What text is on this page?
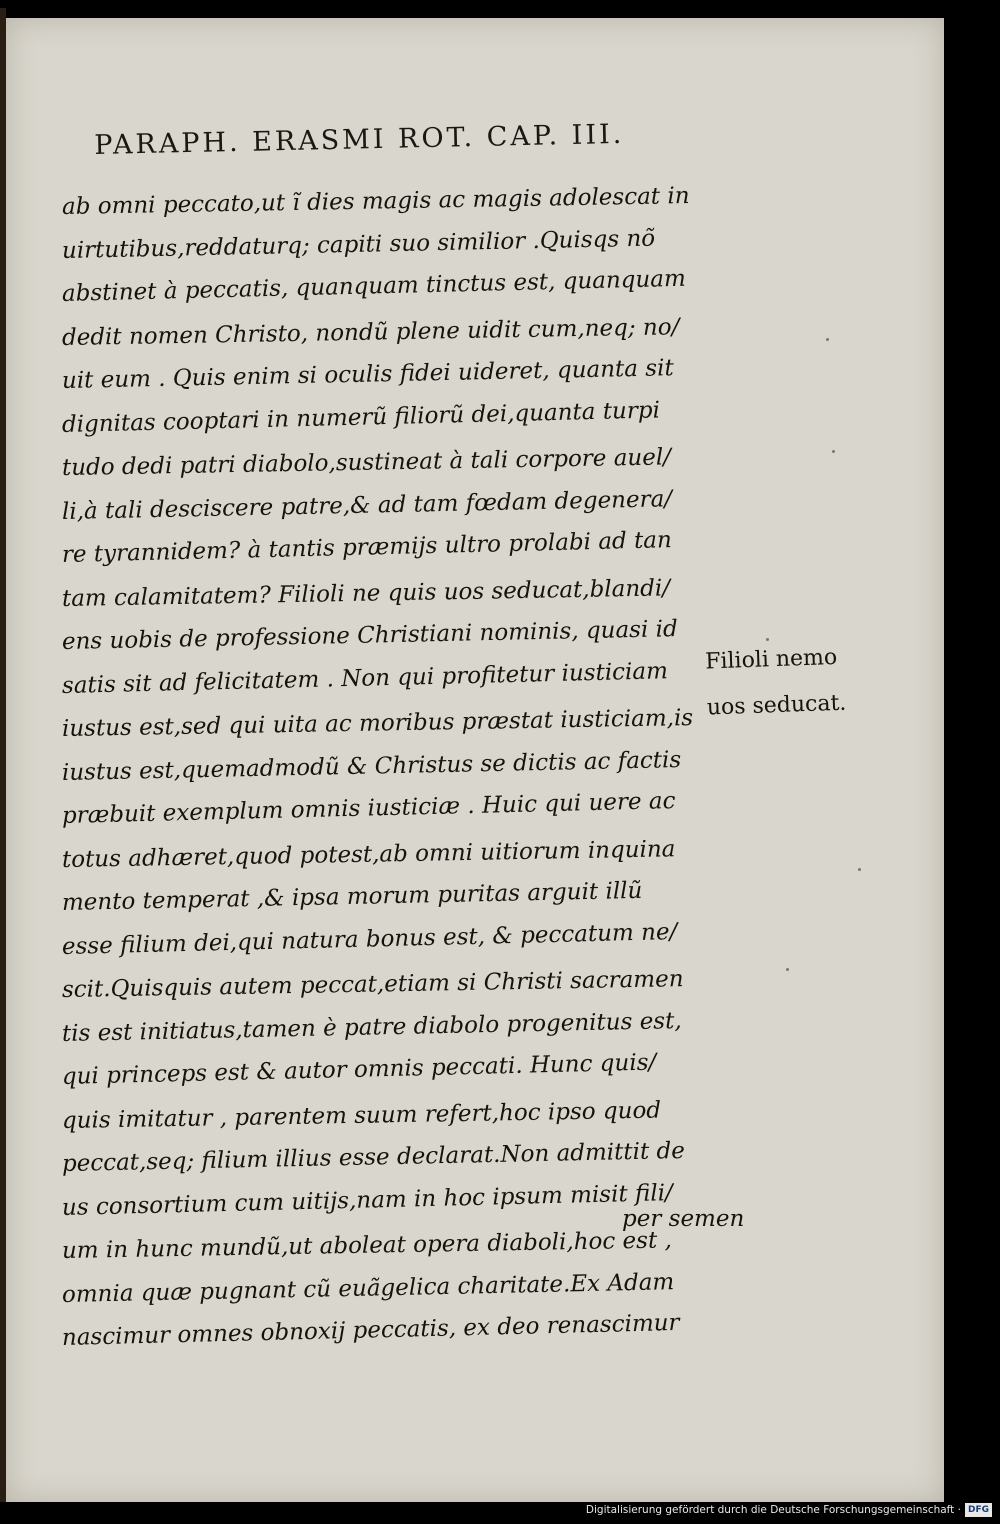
PARAPH. ERASMI ROT. CAP. III.
ab omni peccato,ut ĩ dies magis ac magis adolescat in
uirtutibus,reddaturq; capiti suo similior .Quisqs nõ
abstinet à peccatis, quanquam tinctus est, quanquam
dedit nomen Christo, nondũ plene uidit cum,neq; no/
uit eum . Quis enim si oculis fidei uideret, quanta sit
dignitas cooptari in numerũ filiorũ dei,quanta turpi
tudo dedi patri diabolo,sustineat à tali corpore auel/
li,à tali desciscere patre,& ad tam fœdam degenera/
re tyrannidem? à tantis præmijs ultro prolabi ad tan
tam calamitatem? Filioli ne quis uos seducat,blandi/
ens uobis de professione Christiani nominis, quasi id
satis sit ad felicitatem . Non qui profitetur iusticiam
iustus est,sed qui uita ac moribus præstat iusticiam,is
iustus est,quemadmodũ & Christus se dictis ac factis
præbuit exemplum omnis iusticiæ . Huic qui uere ac
totus adhæret,quod potest,ab omni uitiorum inquina
mento temperat ,& ipsa morum puritas arguit illũ
esse filium dei,qui natura bonus est, & peccatum ne/
scit.Quisquis autem peccat,etiam si Christi sacramen
tis est initiatus,tamen è patre diabolo progenitus est,
qui princeps est & autor omnis peccati. Hunc quis/
quis imitatur , parentem suum refert,hoc ipso quod
peccat,seq; filium illius esse declarat.Non admittit de
us consortium cum uitijs,nam in hoc ipsum misit fili/
um in hunc mundũ,ut aboleat opera diaboli,hoc est ,
omnia quæ pugnant cũ euãgelica charitate.Ex Adam
nascimur omnes obnoxij peccatis, ex deo renascimur
Filioli nemo
uos seducat.
per semen
Digitalisierung gefördert durch die Deutsche Forschungsgemeinschaft · DFG
